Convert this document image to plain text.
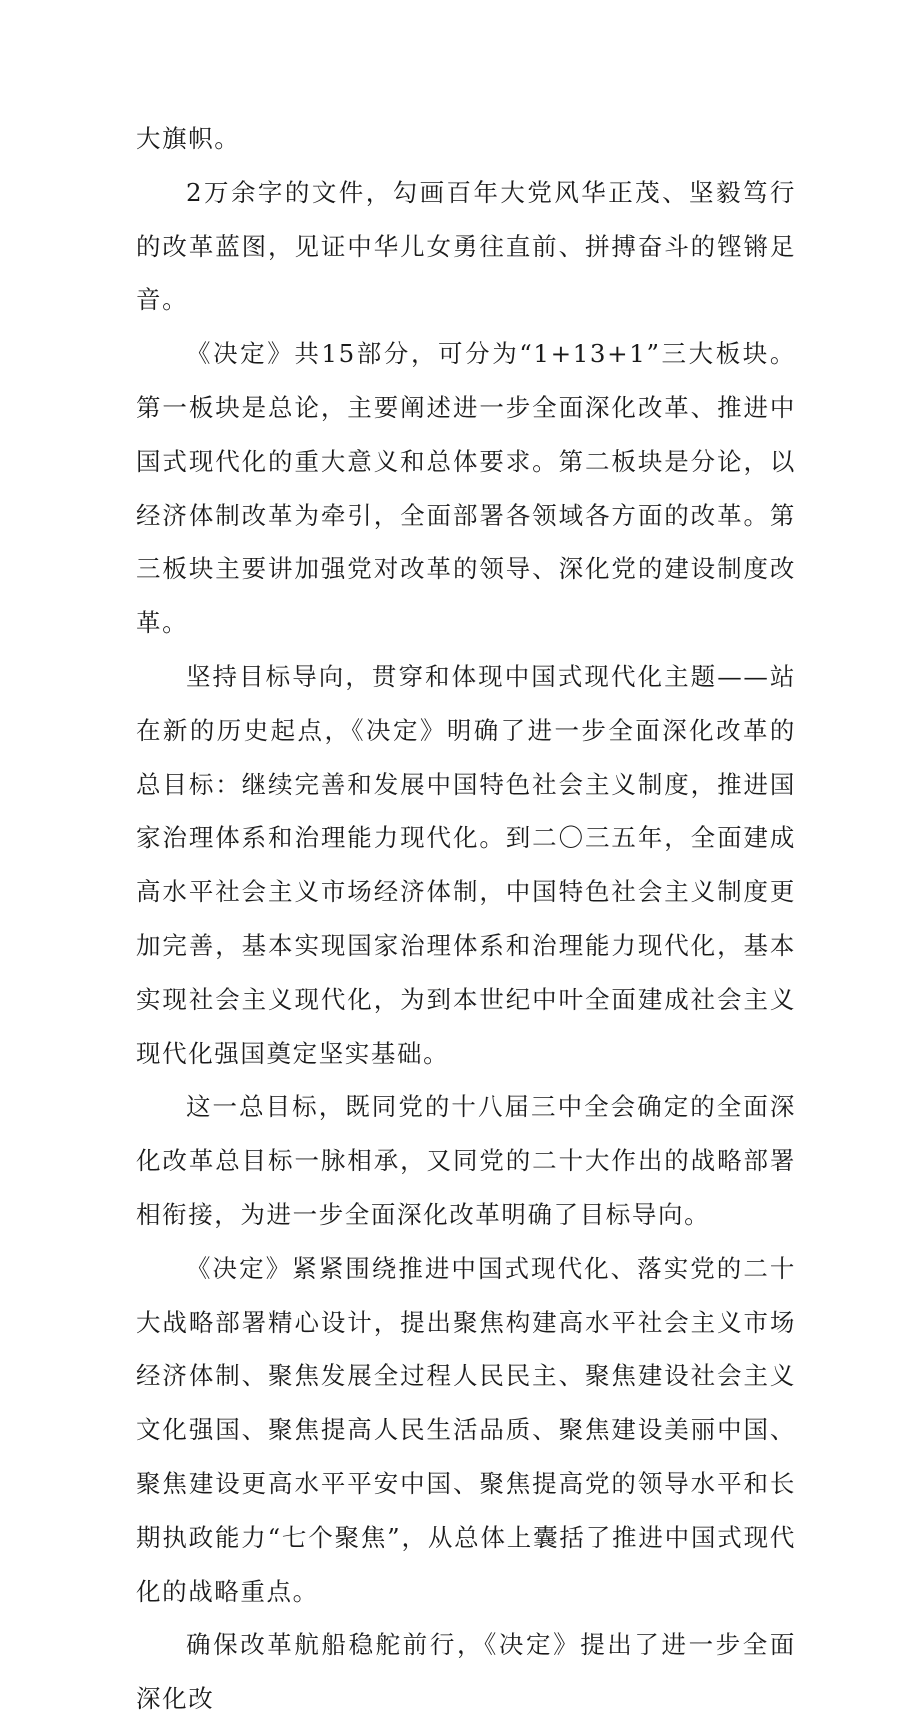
大旗帜。

2万余字的文件，勾画百年大党风华正茂、坚毅笃行的改革蓝图，见证中华儿女勇往直前、拼搏奋斗的铿锵足音。

《决定》共15部分，可分为“1+13+1”三大板块。第一板块是总论，主要阐述进一步全面深化改革、推进中国式现代化的重大意义和总体要求。第二板块是分论，以经济体制改革为牵引，全面部署各领域各方面的改革。第三板块主要讲加强党对改革的领导、深化党的建设制度改革。

坚持目标导向，贯穿和体现中国式现代化主题——站在新的历史起点，《决定》明确了进一步全面深化改革的总目标：继续完善和发展中国特色社会主义制度，推进国家治理体系和治理能力现代化。到二〇三五年，全面建成高水平社会主义市场经济体制，中国特色社会主义制度更加完善，基本实现国家治理体系和治理能力现代化，基本实现社会主义现代化，为到本世纪中叶全面建成社会主义现代化强国奠定坚实基础。

这一总目标，既同党的十八届三中全会确定的全面深化改革总目标一脉相承，又同党的二十大作出的战略部署相衔接，为进一步全面深化改革明确了目标导向。

《决定》紧紧围绕推进中国式现代化、落实党的二十大战略部署精心设计，提出聚焦构建高水平社会主义市场经济体制、聚焦发展全过程人民民主、聚焦建设社会主义文化强国、聚焦提高人民生活品质、聚焦建设美丽中国、聚焦建设更高水平平安中国、聚焦提高党的领导水平和长期执政能力“七个聚焦”，从总体上囊括了推进中国式现代化的战略重点。

确保改革航船稳舵前行，《决定》提出了进一步全面深化改
